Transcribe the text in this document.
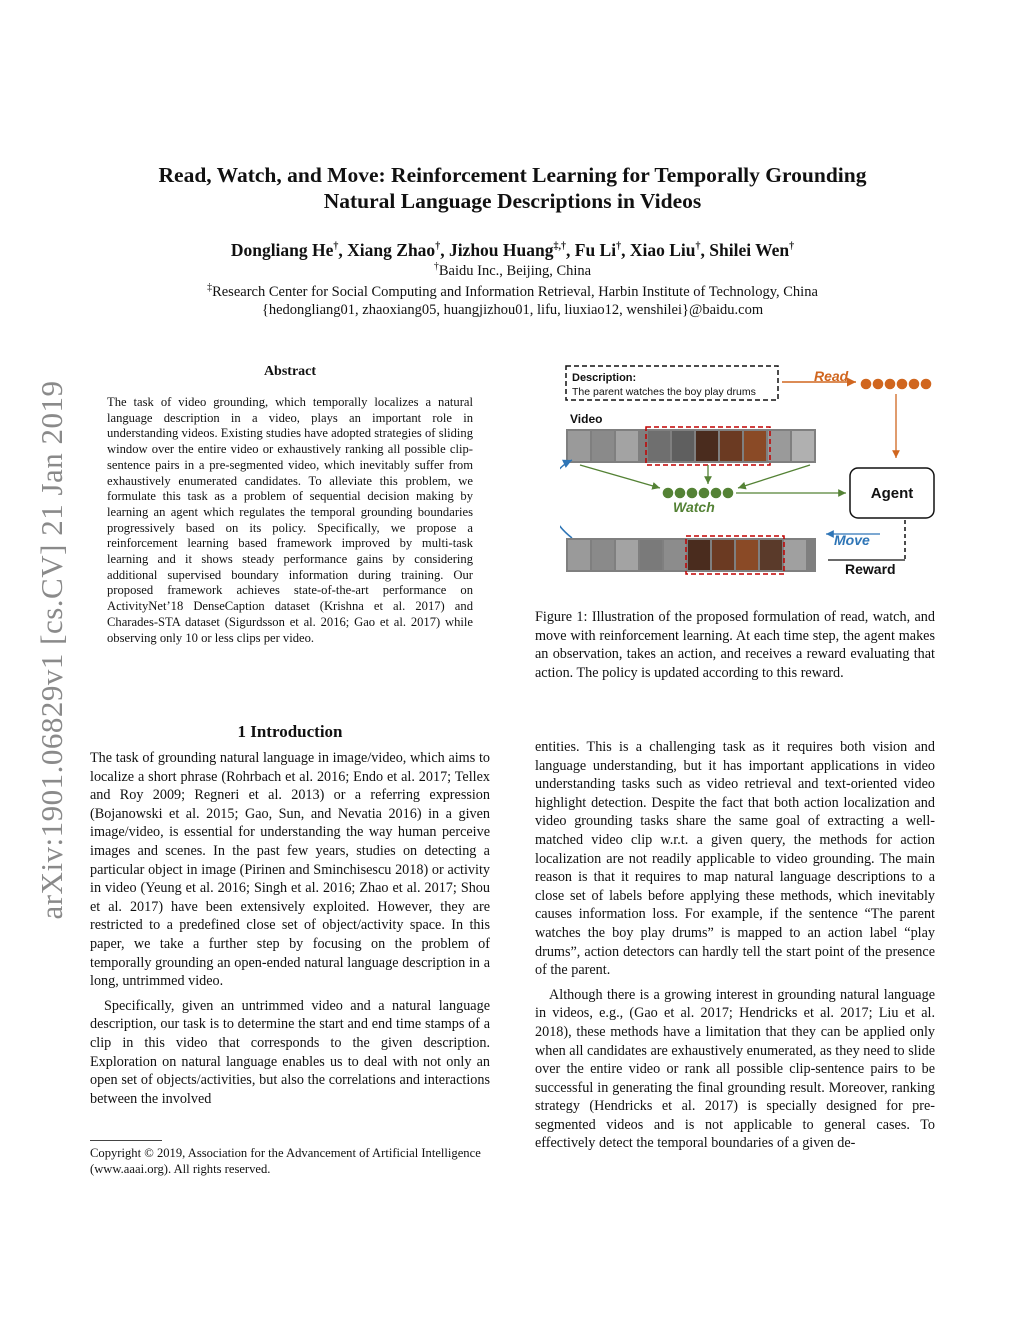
arXiv:1901.06829v1 [cs.CV] 21 Jan 2019
Read, Watch, and Move: Reinforcement Learning for Temporally Grounding
Natural Language Descriptions in Videos
Dongliang He†, Xiang Zhao†, Jizhou Huang‡,†, Fu Li†, Xiao Liu†, Shilei Wen†
†Baidu Inc., Beijing, China
‡Research Center for Social Computing and Information Retrieval, Harbin Institute of Technology, China
{hedongliang01, zhaoxiang05, huangjizhou01, lifu, liuxiao12, wenshilei}@baidu.com
Abstract
The task of video grounding, which temporally localizes a natural language description in a video, plays an important role in understanding videos. Existing studies have adopted strategies of sliding window over the entire video or exhaustively ranking all possible clip-sentence pairs in a pre-segmented video, which inevitably suffer from exhaustively enumerated candidates. To alleviate this problem, we formulate this task as a problem of sequential decision making by learning an agent which regulates the temporal grounding boundaries progressively based on its policy. Specifically, we propose a reinforcement learning based framework improved by multi-task learning and it shows steady performance gains by considering additional supervised boundary information during training. Our proposed framework achieves state-of-the-art performance on ActivityNet’18 DenseCaption dataset (Krishna et al. 2017) and Charades-STA dataset (Sigurdsson et al. 2016; Gao et al. 2017) while observing only 10 or less clips per video.
1 Introduction

The task of grounding natural language in image/video, which aims to localize a short phrase (Rohrbach et al. 2016; Endo et al. 2017; Tellex and Roy 2009; Regneri et al. 2013) or a referring expression (Bojanowski et al. 2015; Gao, Sun, and Nevatia 2016) in a given image/video, is essential for understanding the way human perceive images and scenes. In the past few years, studies on detecting a particular object in image (Pirinen and Sminchisescu 2018) or activity in video (Yeung et al. 2016; Singh et al. 2016; Zhao et al. 2017; Shou et al. 2017) have been extensively exploited. However, they are restricted to a predefined close set of object/activity space. In this paper, we take a further step by focusing on the problem of temporally grounding an open-ended natural language description in a long, untrimmed video.

Specifically, given an untrimmed video and a natural language description, our task is to determine the start and end time stamps of a clip in this video that corresponds to the given description. Exploration on natural language enables us to deal with not only an open set of objects/activities, but also the correlations and interactions between the involved

Copyright © 2019, Association for the Advancement of Artificial Intelligence (www.aaai.org). All rights reserved.
Description:
The parent watches the boy play drums
Read
Video
Watch
Agent
Move
Reward
Figure 1: Illustration of the proposed formulation of read, watch, and move with reinforcement learning. At each time step, the agent makes an observation, takes an action, and receives a reward evaluating that action. The policy is updated according to this reward.

entities. This is a challenging task as it requires both vision and language understanding, but it has important applications in video understanding tasks such as video retrieval and text-oriented video highlight detection. Despite the fact that both action localization and video grounding tasks share the same goal of extracting a well-matched video clip w.r.t. a given query, the methods for action localization are not readily applicable to video grounding. The main reason is that it requires to map natural language descriptions to a close set of labels before applying these methods, which inevitably causes information loss. For example, if the sentence “The parent watches the boy play drums” is mapped to an action label “play drums”, action detectors can hardly tell the start point of the presence of the parent.

Although there is a growing interest in grounding natural language in videos, e.g., (Gao et al. 2017; Hendricks et al. 2017; Liu et al. 2018), these methods have a limitation that they can be applied only when all candidates are exhaustively enumerated, as they need to slide over the entire video or rank all possible clip-sentence pairs to be successful in generating the final grounding result. Moreover, ranking strategy (Hendricks et al. 2017) is specially designed for pre-segmented videos and is not applicable to general cases. To effectively detect the temporal boundaries of a given de-
